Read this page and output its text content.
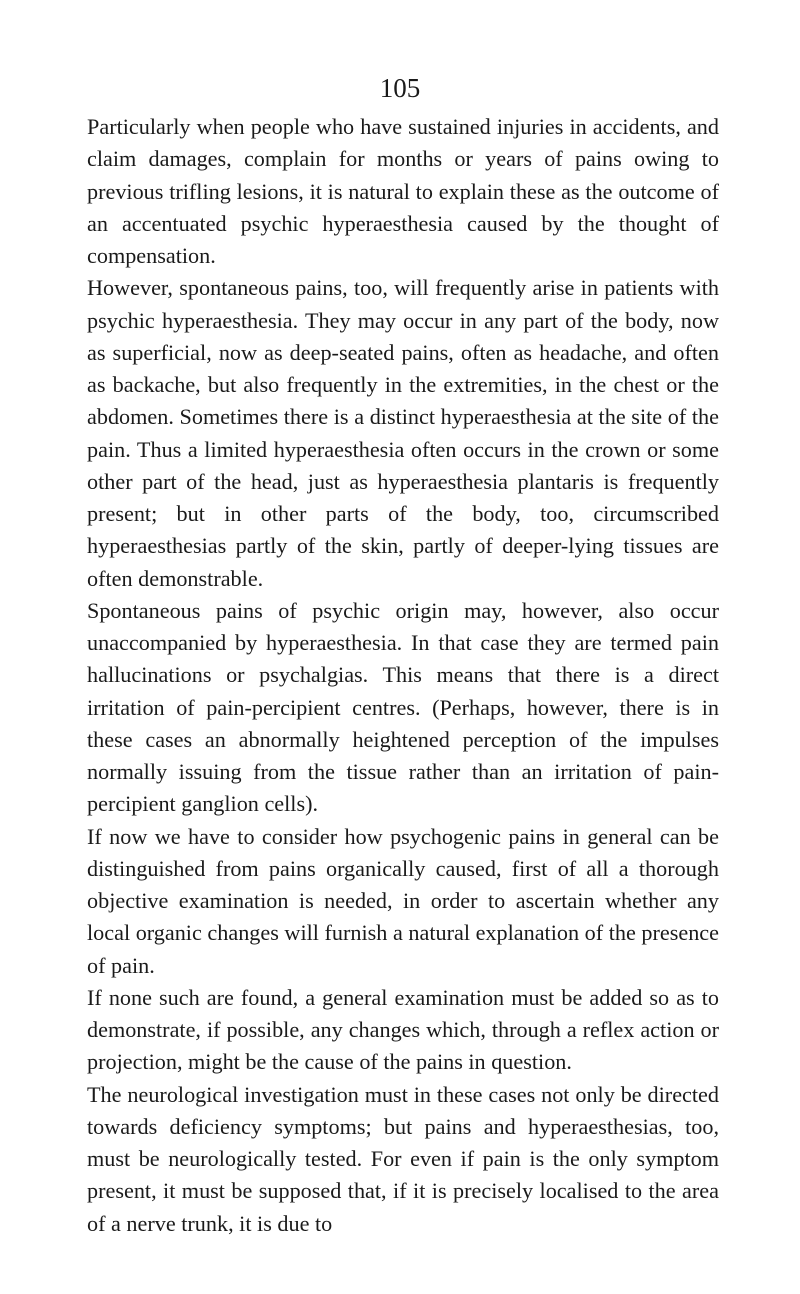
105

Particularly when people who have sustained injuries in accidents, and claim damages, complain for months or years of pains owing to previous trifling lesions, it is natural to explain these as the outcome of an accentuated psychic hyperaesthesia caused by the thought of compensation.

However, spontaneous pains, too, will frequently arise in patients with psychic hyperaesthesia. They may occur in any part of the body, now as superficial, now as deep-seated pains, often as headache, and often as backache, but also frequently in the extremities, in the chest or the abdomen. Sometimes there is a distinct hyperaesthesia at the site of the pain. Thus a limited hyperaesthesia often occurs in the crown or some other part of the head, just as hyperaesthesia plantaris is frequently present; but in other parts of the body, too, circumscribed hyperaesthesias partly of the skin, partly of deeper-lying tissues are often demonstrable.

Spontaneous pains of psychic origin may, however, also occur unaccompanied by hyperaesthesia. In that case they are termed pain hallucinations or psychalgias. This means that there is a direct irritation of pain-percipient centres. (Perhaps, however, there is in these cases an abnormally heightened perception of the impulses normally issuing from the tissue rather than an irritation of pain-percipient ganglion cells).

If now we have to consider how psychogenic pains in general can be distinguished from pains organically caused, first of all a thorough objective examination is needed, in order to ascertain whether any local organic changes will furnish a natural explanation of the presence of pain.

If none such are found, a general examination must be added so as to demonstrate, if possible, any changes which, through a reflex action or projection, might be the cause of the pains in question.

The neurological investigation must in these cases not only be directed towards deficiency symptoms; but pains and hyperaesthesias, too, must be neurologically tested. For even if pain is the only symptom present, it must be supposed that, if it is precisely localised to the area of a nerve trunk, it is due to
